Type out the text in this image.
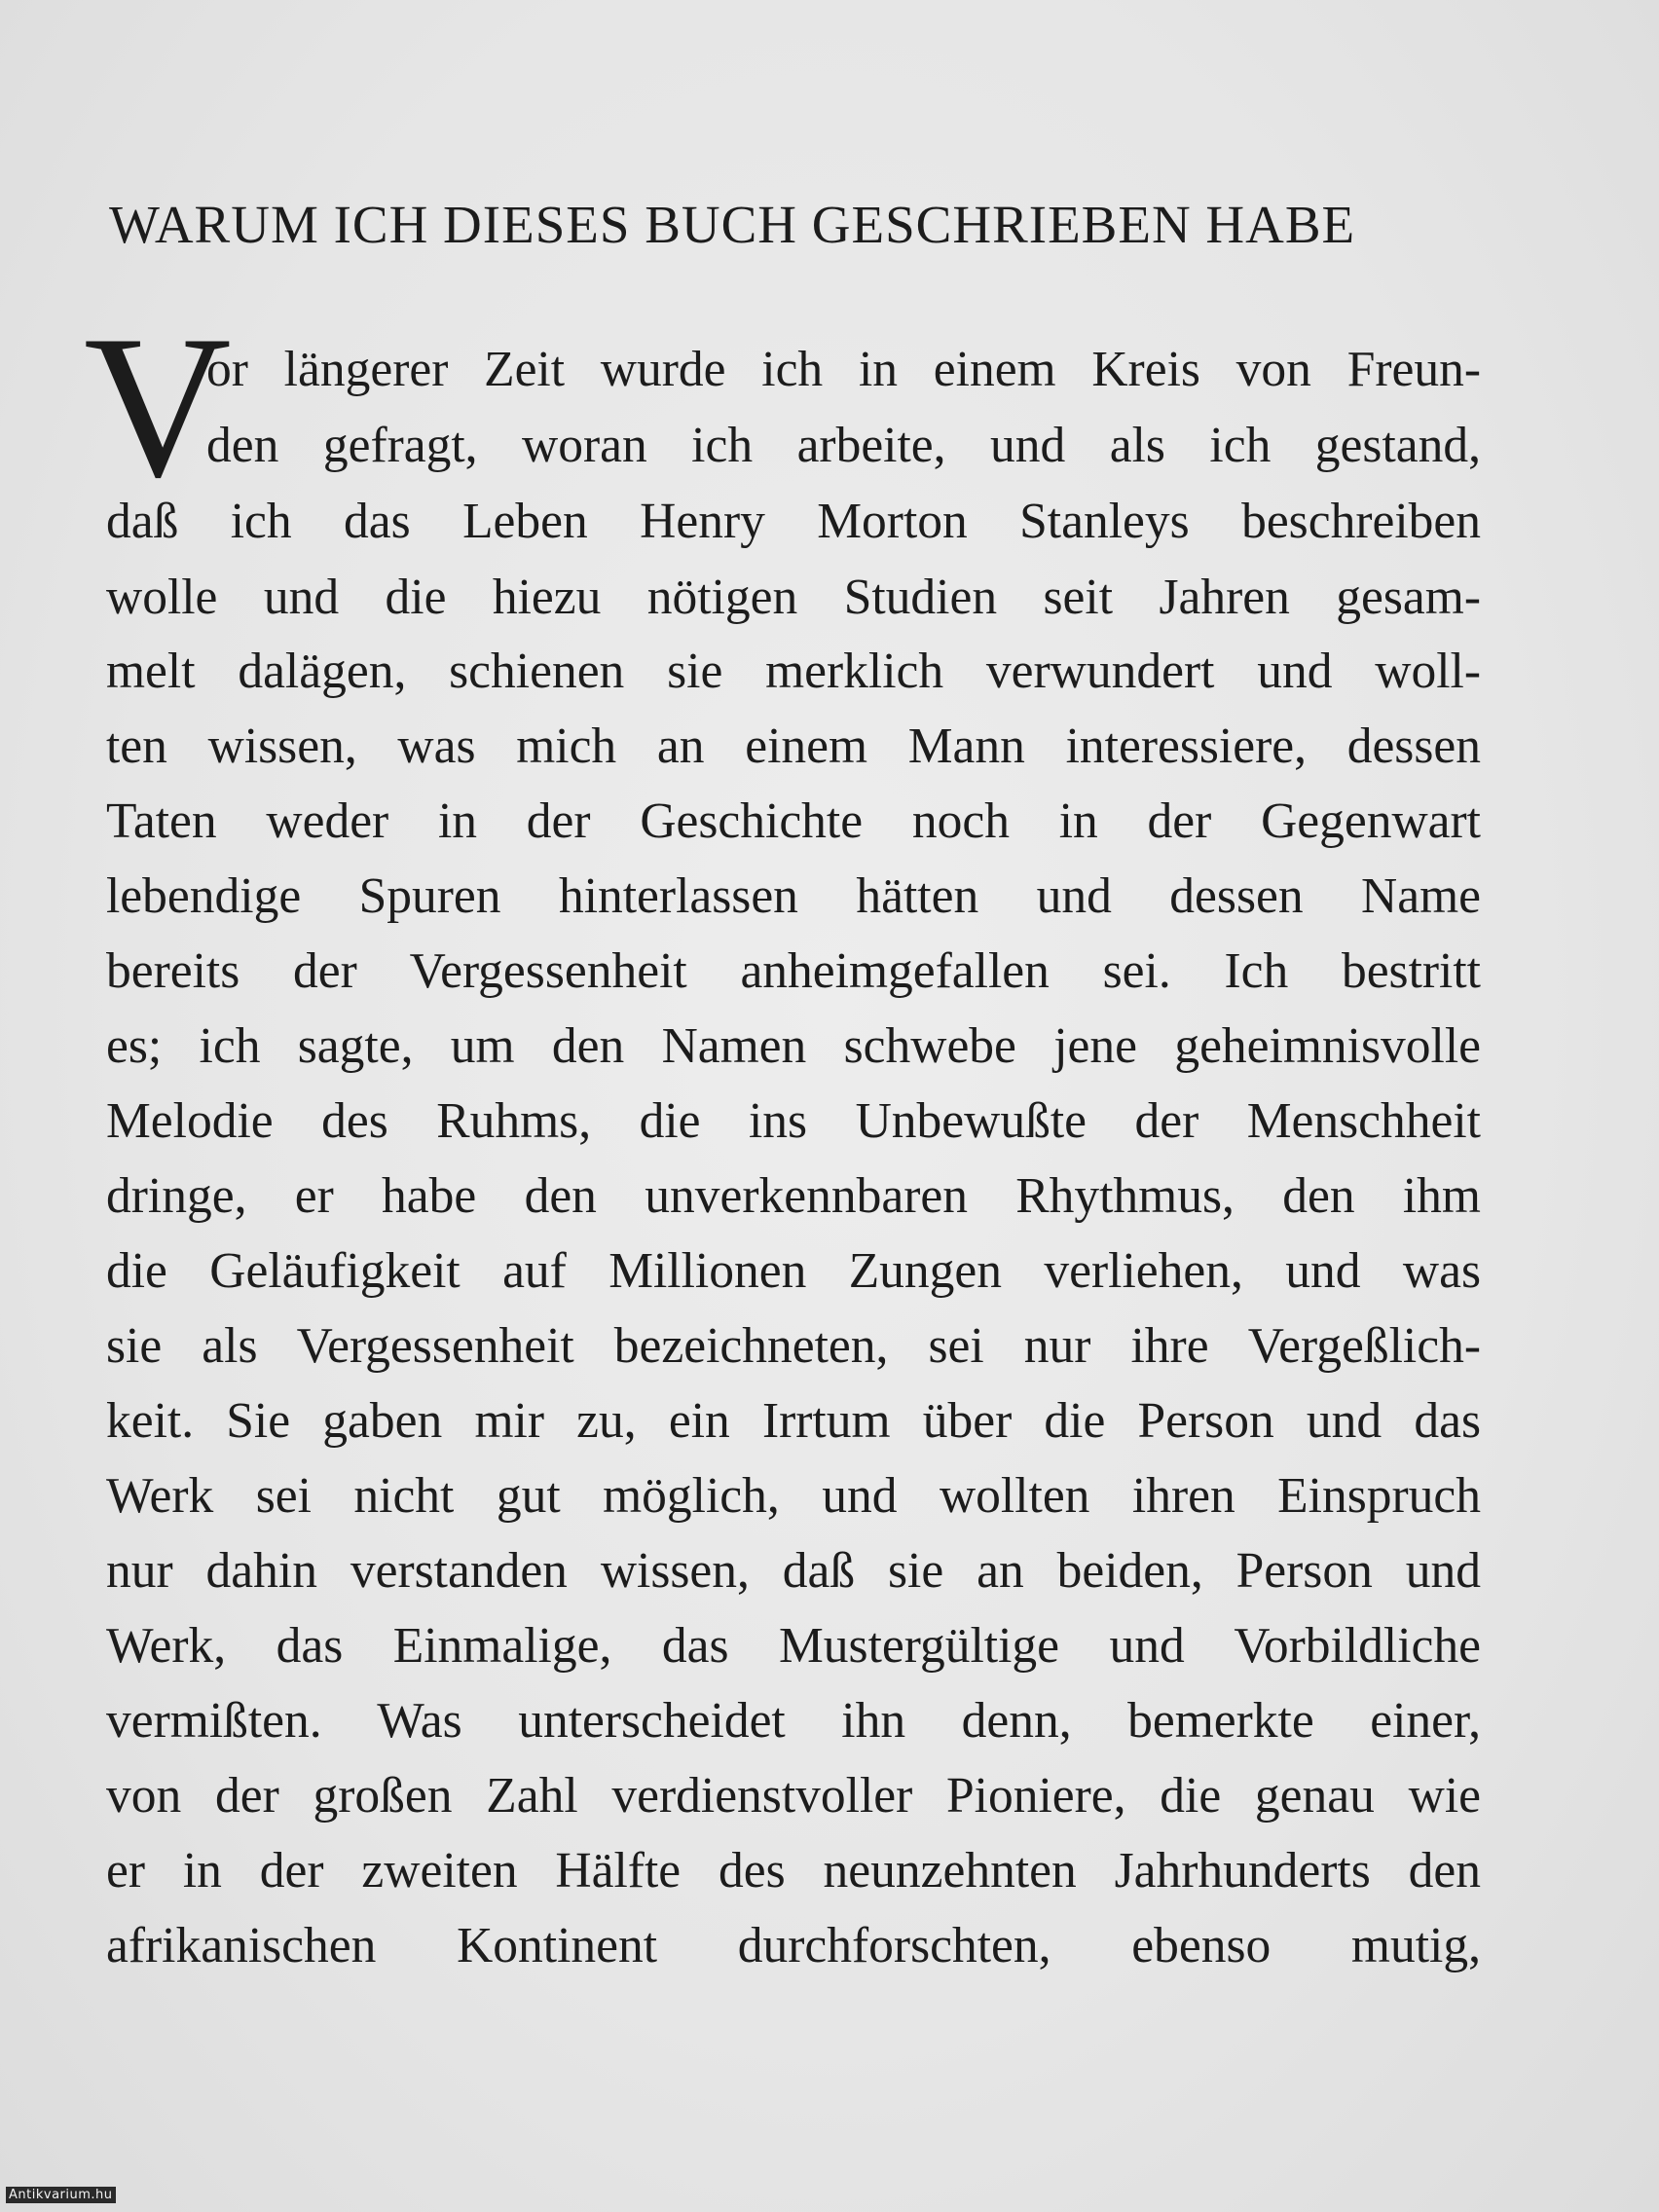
WARUM ICH DIESES BUCH GESCHRIEBEN HABE
V
or längerer Zeit wurde ich in einem Kreis von Freun-
den gefragt, woran ich arbeite, und als ich gestand,
daß ich das Leben Henry Morton Stanleys beschreiben
wolle und die hiezu nötigen Studien seit Jahren gesam-
melt dalägen, schienen sie merklich verwundert und woll-
ten wissen, was mich an einem Mann interessiere, dessen
Taten weder in der Geschichte noch in der Gegenwart
lebendige Spuren hinterlassen hätten und dessen Name
bereits der Vergessenheit anheimgefallen sei. Ich bestritt
es; ich sagte, um den Namen schwebe jene geheimnisvolle
Melodie des Ruhms, die ins Unbewußte der Menschheit
dringe, er habe den unverkennbaren Rhythmus, den ihm
die Geläufigkeit auf Millionen Zungen verliehen, und was
sie als Vergessenheit bezeichneten, sei nur ihre Vergeßlich-
keit. Sie gaben mir zu, ein Irrtum über die Person und das
Werk sei nicht gut möglich, und wollten ihren Einspruch
nur dahin verstanden wissen, daß sie an beiden, Person und
Werk, das Einmalige, das Mustergültige und Vorbildliche
vermißten. Was unterscheidet ihn denn, bemerkte einer,
von der großen Zahl verdienstvoller Pioniere, die genau wie
er in der zweiten Hälfte des neunzehnten Jahrhunderts den
afrikanischen Kontinent durchforschten, ebenso mutig,
Antikvarium.hu
